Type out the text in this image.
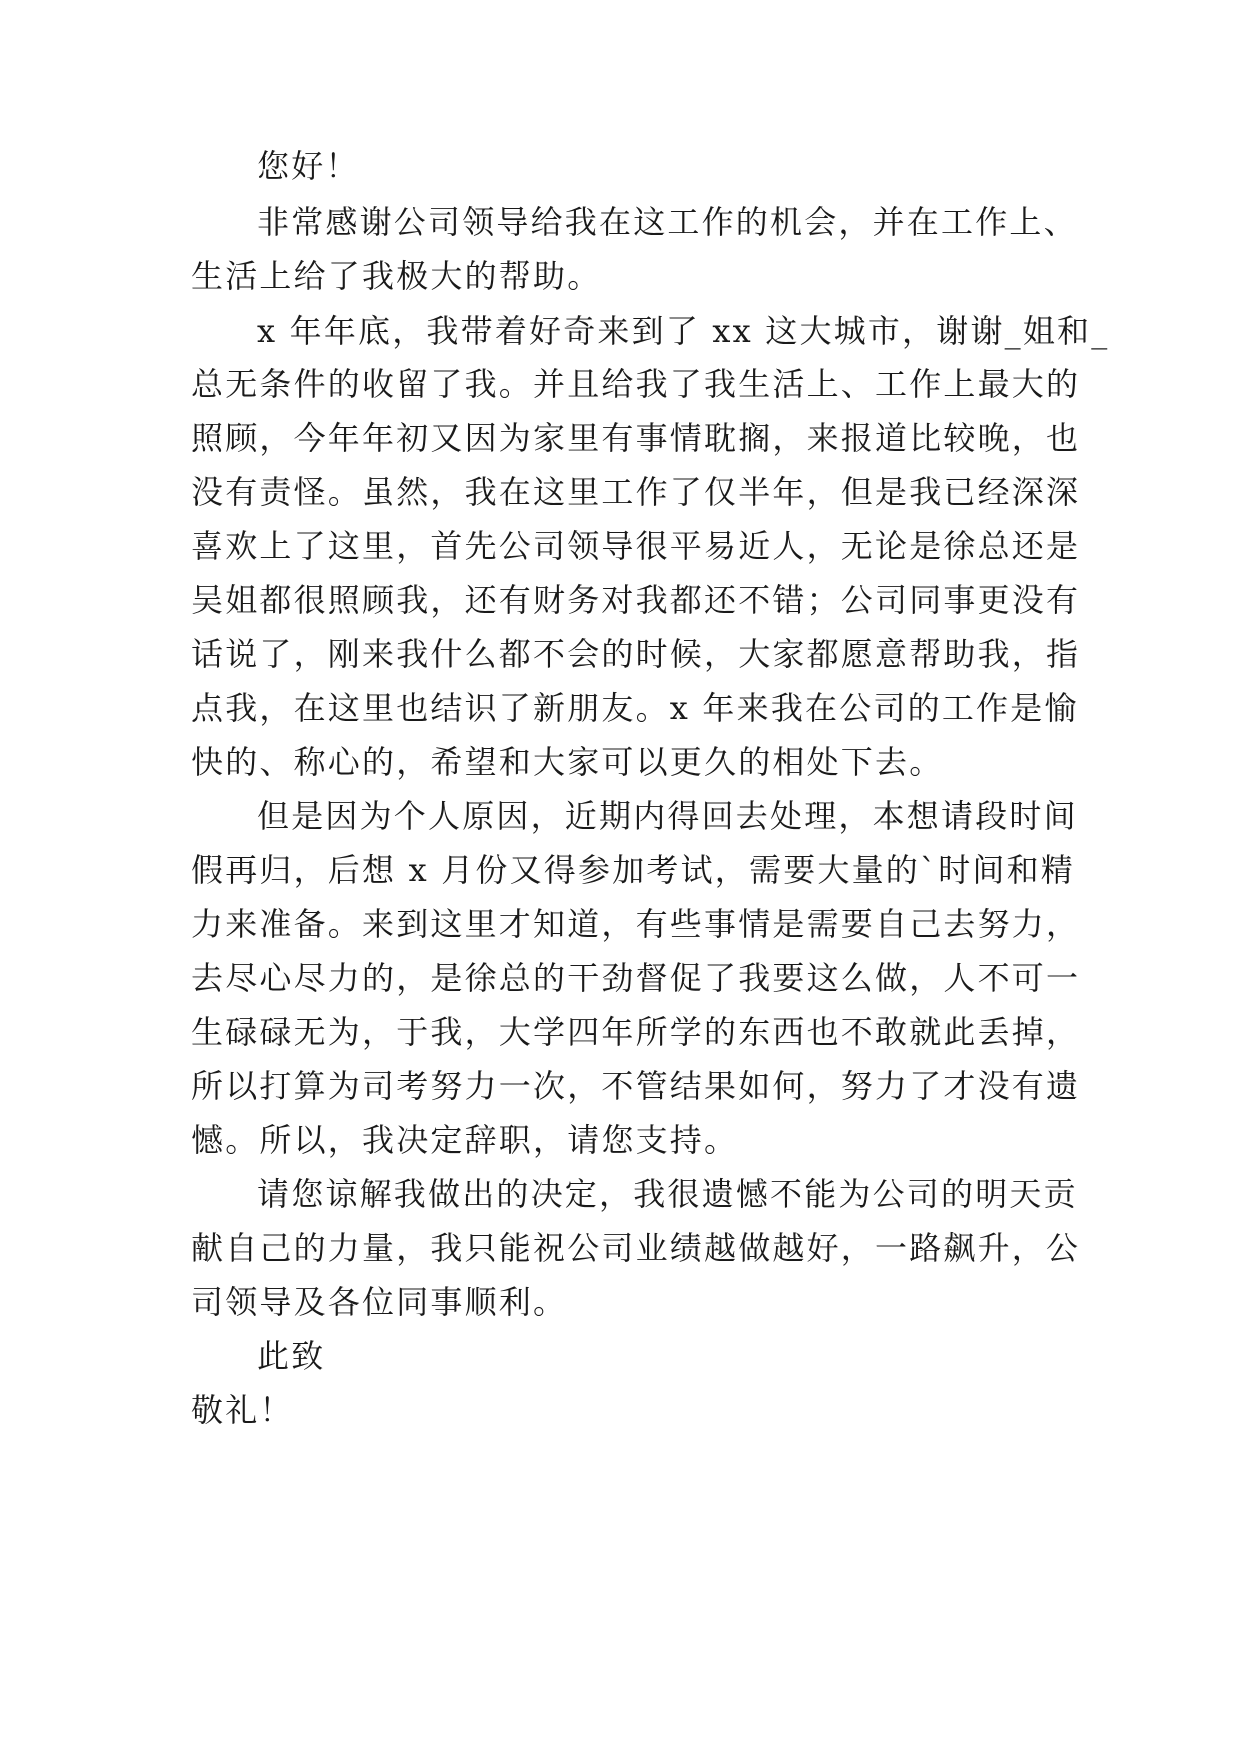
您好！

非常感谢公司领导给我在这工作的机会，并在工作上、

生活上给了我极大的帮助。

x 年年底，我带着好奇来到了 xx 这大城市，谢谢_姐和_

总无条件的收留了我。并且给我了我生活上、工作上最大的

照顾，今年年初又因为家里有事情耽搁，来报道比较晚，也

没有责怪。虽然，我在这里工作了仅半年，但是我已经深深

喜欢上了这里，首先公司领导很平易近人，无论是徐总还是

吴姐都很照顾我，还有财务对我都还不错；公司同事更没有

话说了，刚来我什么都不会的时候，大家都愿意帮助我，指

点我，在这里也结识了新朋友。x 年来我在公司的工作是愉

快的、称心的，希望和大家可以更久的相处下去。

但是因为个人原因，近期内得回去处理，本想请段时间

假再归，后想 x 月份又得参加考试，需要大量的`时间和精

力来准备。来到这里才知道，有些事情是需要自己去努力，

去尽心尽力的，是徐总的干劲督促了我要这么做，人不可一

生碌碌无为，于我，大学四年所学的东西也不敢就此丢掉，

所以打算为司考努力一次，不管结果如何，努力了才没有遗

憾。所以，我决定辞职，请您支持。

请您谅解我做出的决定，我很遗憾不能为公司的明天贡

献自己的力量，我只能祝公司业绩越做越好，一路飙升，公

司领导及各位同事顺利。

此致

敬礼！
